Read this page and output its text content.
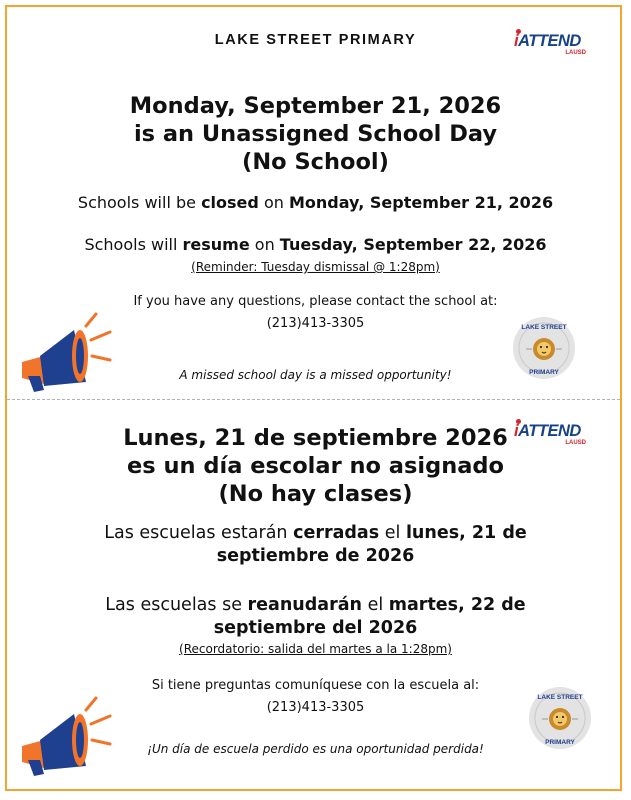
LAKE STREET PRIMARY	iATTEND
LAUSD
Monday, September 21, 2026
is an Unassigned School Day
(No School)
Schools will be closed on Monday, September 21, 2026
Schools will resume on Tuesday, September 22, 2026
(Reminder: Tuesday dismissal @ 1:28pm)
If you have any questions, please contact the school at:
(213)413-3305
A missed school day is a missed opportunity!
LAKE STREET
PRIMARY
iATTEND
LAUSD
Lunes, 21 de septiembre 2026
es un día escolar no asignado
(No hay clases)
Las escuelas estarán cerradas el lunes, 21 de
septiembre de 2026
Las escuelas se reanudarán el martes, 22 de
septiembre del 2026
(Recordatorio: salida del martes a la 1:28pm)
Si tiene preguntas comuníquese con la escuela al:
(213)413-3305
¡Un día de escuela perdido es una oportunidad perdida!
LAKE STREET
PRIMARY
